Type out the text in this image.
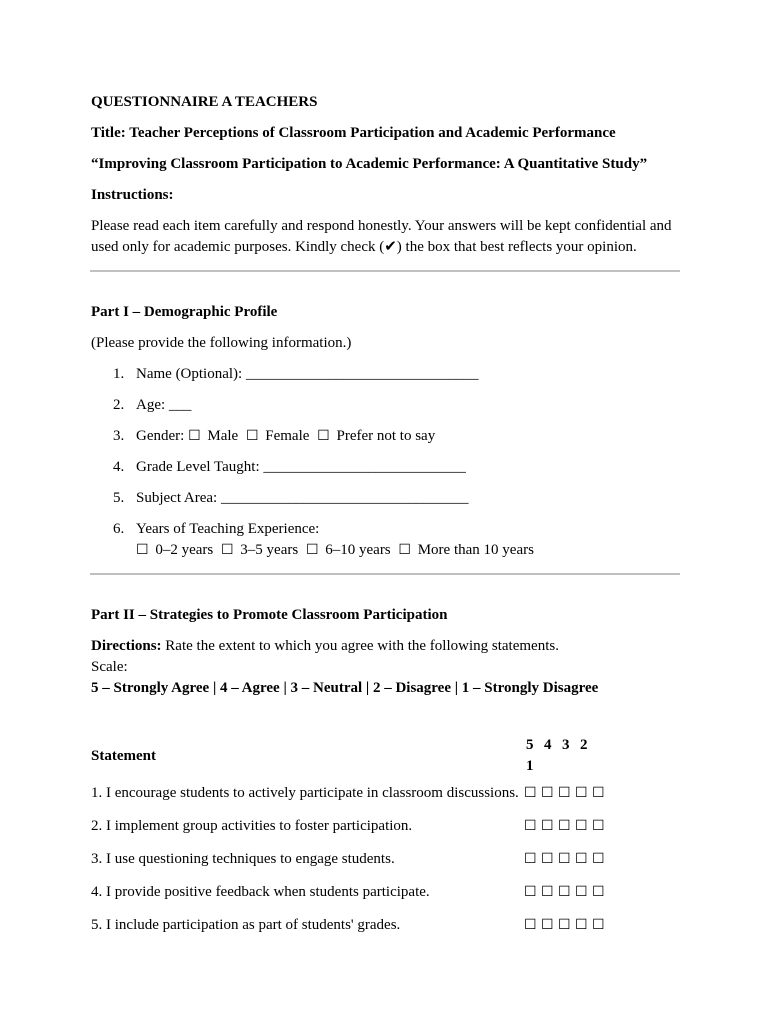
QUESTIONNAIRE A TEACHERS
Title: Teacher Perceptions of Classroom Participation and Academic Performance
“Improving Classroom Participation to Academic Performance: A Quantitative Study”
Instructions:
Please read each item carefully and respond honestly. Your answers will be kept confidential and used only for academic purposes. Kindly check (✔) the box that best reflects your opinion.
Part I – Demographic Profile
(Please provide the following information.)
1. Name (Optional): _______________________________
2. Age: ___
3. Gender: ☐ Male ☐ Female ☐ Prefer not to say
4. Grade Level Taught: ___________________________
5. Subject Area: _________________________________
6. Years of Teaching Experience:
☐ 0–2 years ☐ 3–5 years ☐ 6–10 years ☐ More than 10 years
Part II – Strategies to Promote Classroom Participation
Directions: Rate the extent to which you agree with the following statements.
Scale:
5 – Strongly Agree | 4 – Agree | 3 – Neutral | 2 – Disagree | 1 – Strongly Disagree
Statement	5 4 3 21
1. I encourage students to actively participate in classroom discussions.	☐ ☐ ☐ ☐ ☐
2. I implement group activities to foster participation.	☐ ☐ ☐ ☐ ☐
3. I use questioning techniques to engage students.	☐ ☐ ☐ ☐ ☐
4. I provide positive feedback when students participate.	☐ ☐ ☐ ☐ ☐
5. I include participation as part of students' grades.	☐ ☐ ☐ ☐ ☐
